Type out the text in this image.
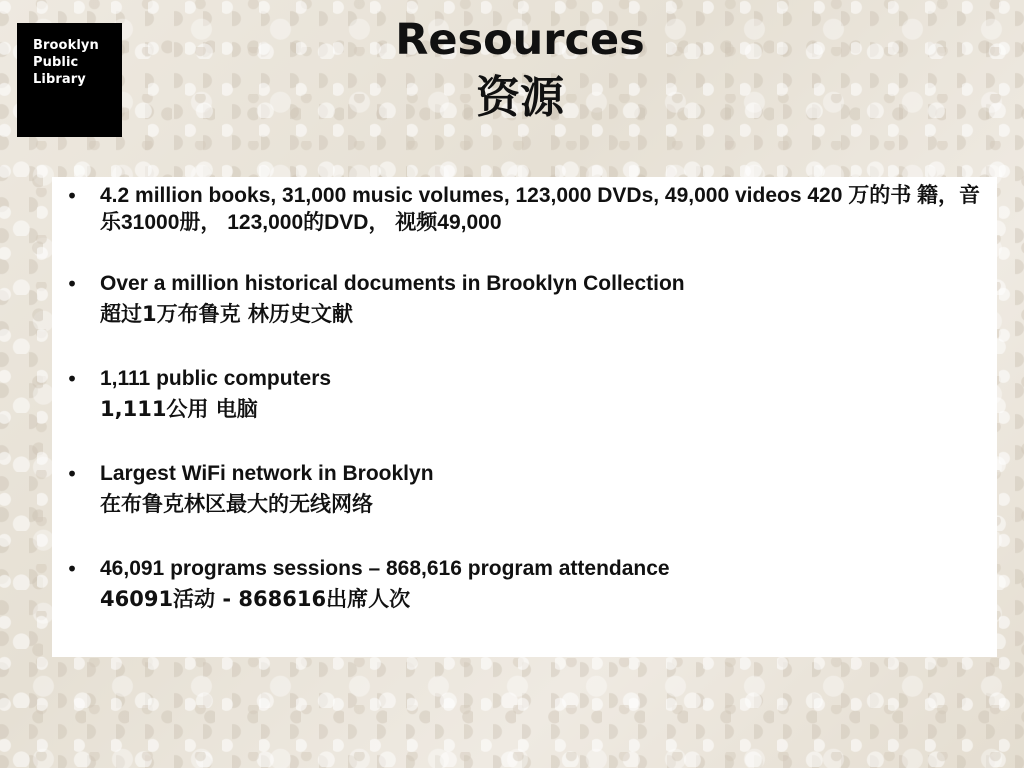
Brooklyn
Public
Library
Resources
资源
• 4.2 million books, 31,000 music volumes, 123,000 DVDs, 49,000 videos 420 万的书 籍，音乐31000册， 123,000的DVD， 视频49,000
• Over a million historical documents in Brooklyn Collection
超过1万布鲁克 林历史文献
• 1,111 public computers
1,111公用 电脑
• Largest WiFi network in Brooklyn
在布鲁克林区最大的无线网络
• 46,091 programs sessions – 868,616 program attendance
46091活动 - 868616出席人次
